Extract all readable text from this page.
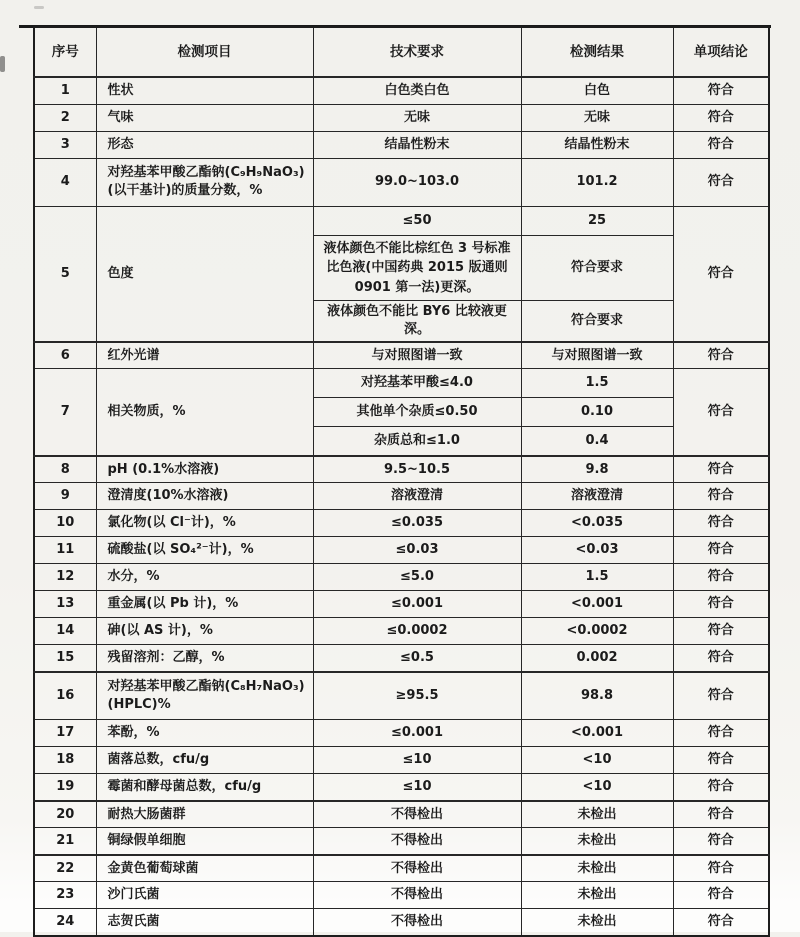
序号	检测项目	技术要求	检测结果	单项结论
1	性状	白色类白色	白色	符合
2	气味	无味	无味	符合
3	形态	结晶性粉末	结晶性粉末	符合
4	对羟基苯甲酸乙酯钠(C₉H₉NaO₃)(以干基计)的质量分数，%	99.0~103.0	101.2	符合
5	色度	≤50	25	符合
		液体颜色不能比棕红色 3 号标准比色液(中国药典 2015 版通则 0901 第一法)更深。	符合要求	
		液体颜色不能比 BY6 比较液更深。	符合要求	
6	红外光谱	与对照图谱一致	与对照图谱一致	符合
7	相关物质，%	对羟基苯甲酸≤4.0	1.5	符合
		其他单个杂质≤0.50	0.10	
		杂质总和≤1.0	0.4	
8	pH (0.1%水溶液)	9.5~10.5	9.8	符合
9	澄清度(10%水溶液)	溶液澄清	溶液澄清	符合
10	氯化物(以 Cl⁻计)，%	≤0.035	<0.035	符合
11	硫酸盐(以 SO₄²⁻计)，%	≤0.03	<0.03	符合
12	水分，%	≤5.0	1.5	符合
13	重金属(以 Pb 计)，%	≤0.001	<0.001	符合
14	砷(以 AS 计)，%	≤0.0002	<0.0002	符合
15	残留溶剂：乙醇，%	≤0.5	0.002	符合
16	对羟基苯甲酸乙酯钠(C₈H₇NaO₃)(HPLC)%	≥95.5	98.8	符合
17	苯酚，%	≤0.001	<0.001	符合
18	菌落总数，cfu/g	≤10	<10	符合
19	霉菌和酵母菌总数，cfu/g	≤10	<10	符合
20	耐热大肠菌群	不得检出	未检出	符合
21	铜绿假单细胞	不得检出	未检出	符合
22	金黄色葡萄球菌	不得检出	未检出	符合
23	沙门氏菌	不得检出	未检出	符合
24	志贺氏菌	不得检出	未检出	符合
